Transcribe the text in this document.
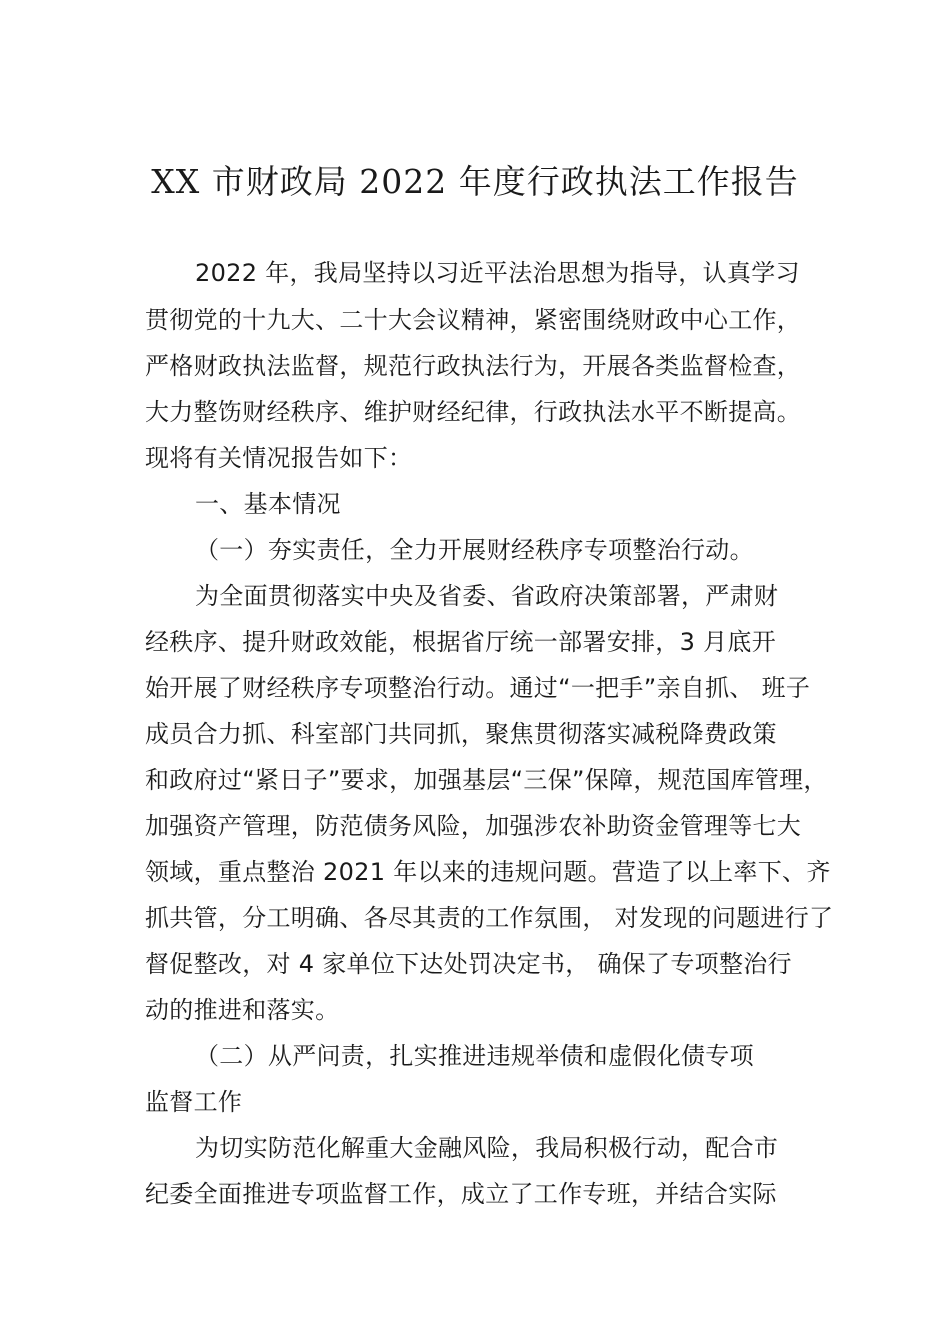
XX 市财政局 2022 年度行政执法工作报告
2022 年，我局坚持以习近平法治思想为指导，认真学习
贯彻党的十九大、二十大会议精神，紧密围绕财政中心工作，
严格财政执法监督，规范行政执法行为，开展各类监督检查，
大力整饬财经秩序、维护财经纪律，行政执法水平不断提高。
现将有关情况报告如下：
一、基本情况
（一）夯实责任，全力开展财经秩序专项整治行动。
为全面贯彻落实中央及省委、省政府决策部署，严肃财
经秩序、提升财政效能，根据省厅统一部署安排，3 月底开
始开展了财经秩序专项整治行动。通过“一把手”亲自抓、 班子
成员合力抓、科室部门共同抓，聚焦贯彻落实减税降费政策
和政府过“紧日子”要求，加强基层“三保”保障，规范国库管理，
加强资产管理，防范债务风险，加强涉农补助资金管理等七大
领域，重点整治 2021 年以来的违规问题。营造了以上率下、齐
抓共管，分工明确、各尽其责的工作氛围， 对发现的问题进行了
督促整改，对 4 家单位下达处罚决定书， 确保了专项整治行
动的推进和落实。
（二）从严问责，扎实推进违规举债和虚假化债专项
监督工作
为切实防范化解重大金融风险，我局积极行动，配合市
纪委全面推进专项监督工作，成立了工作专班，并结合实际
